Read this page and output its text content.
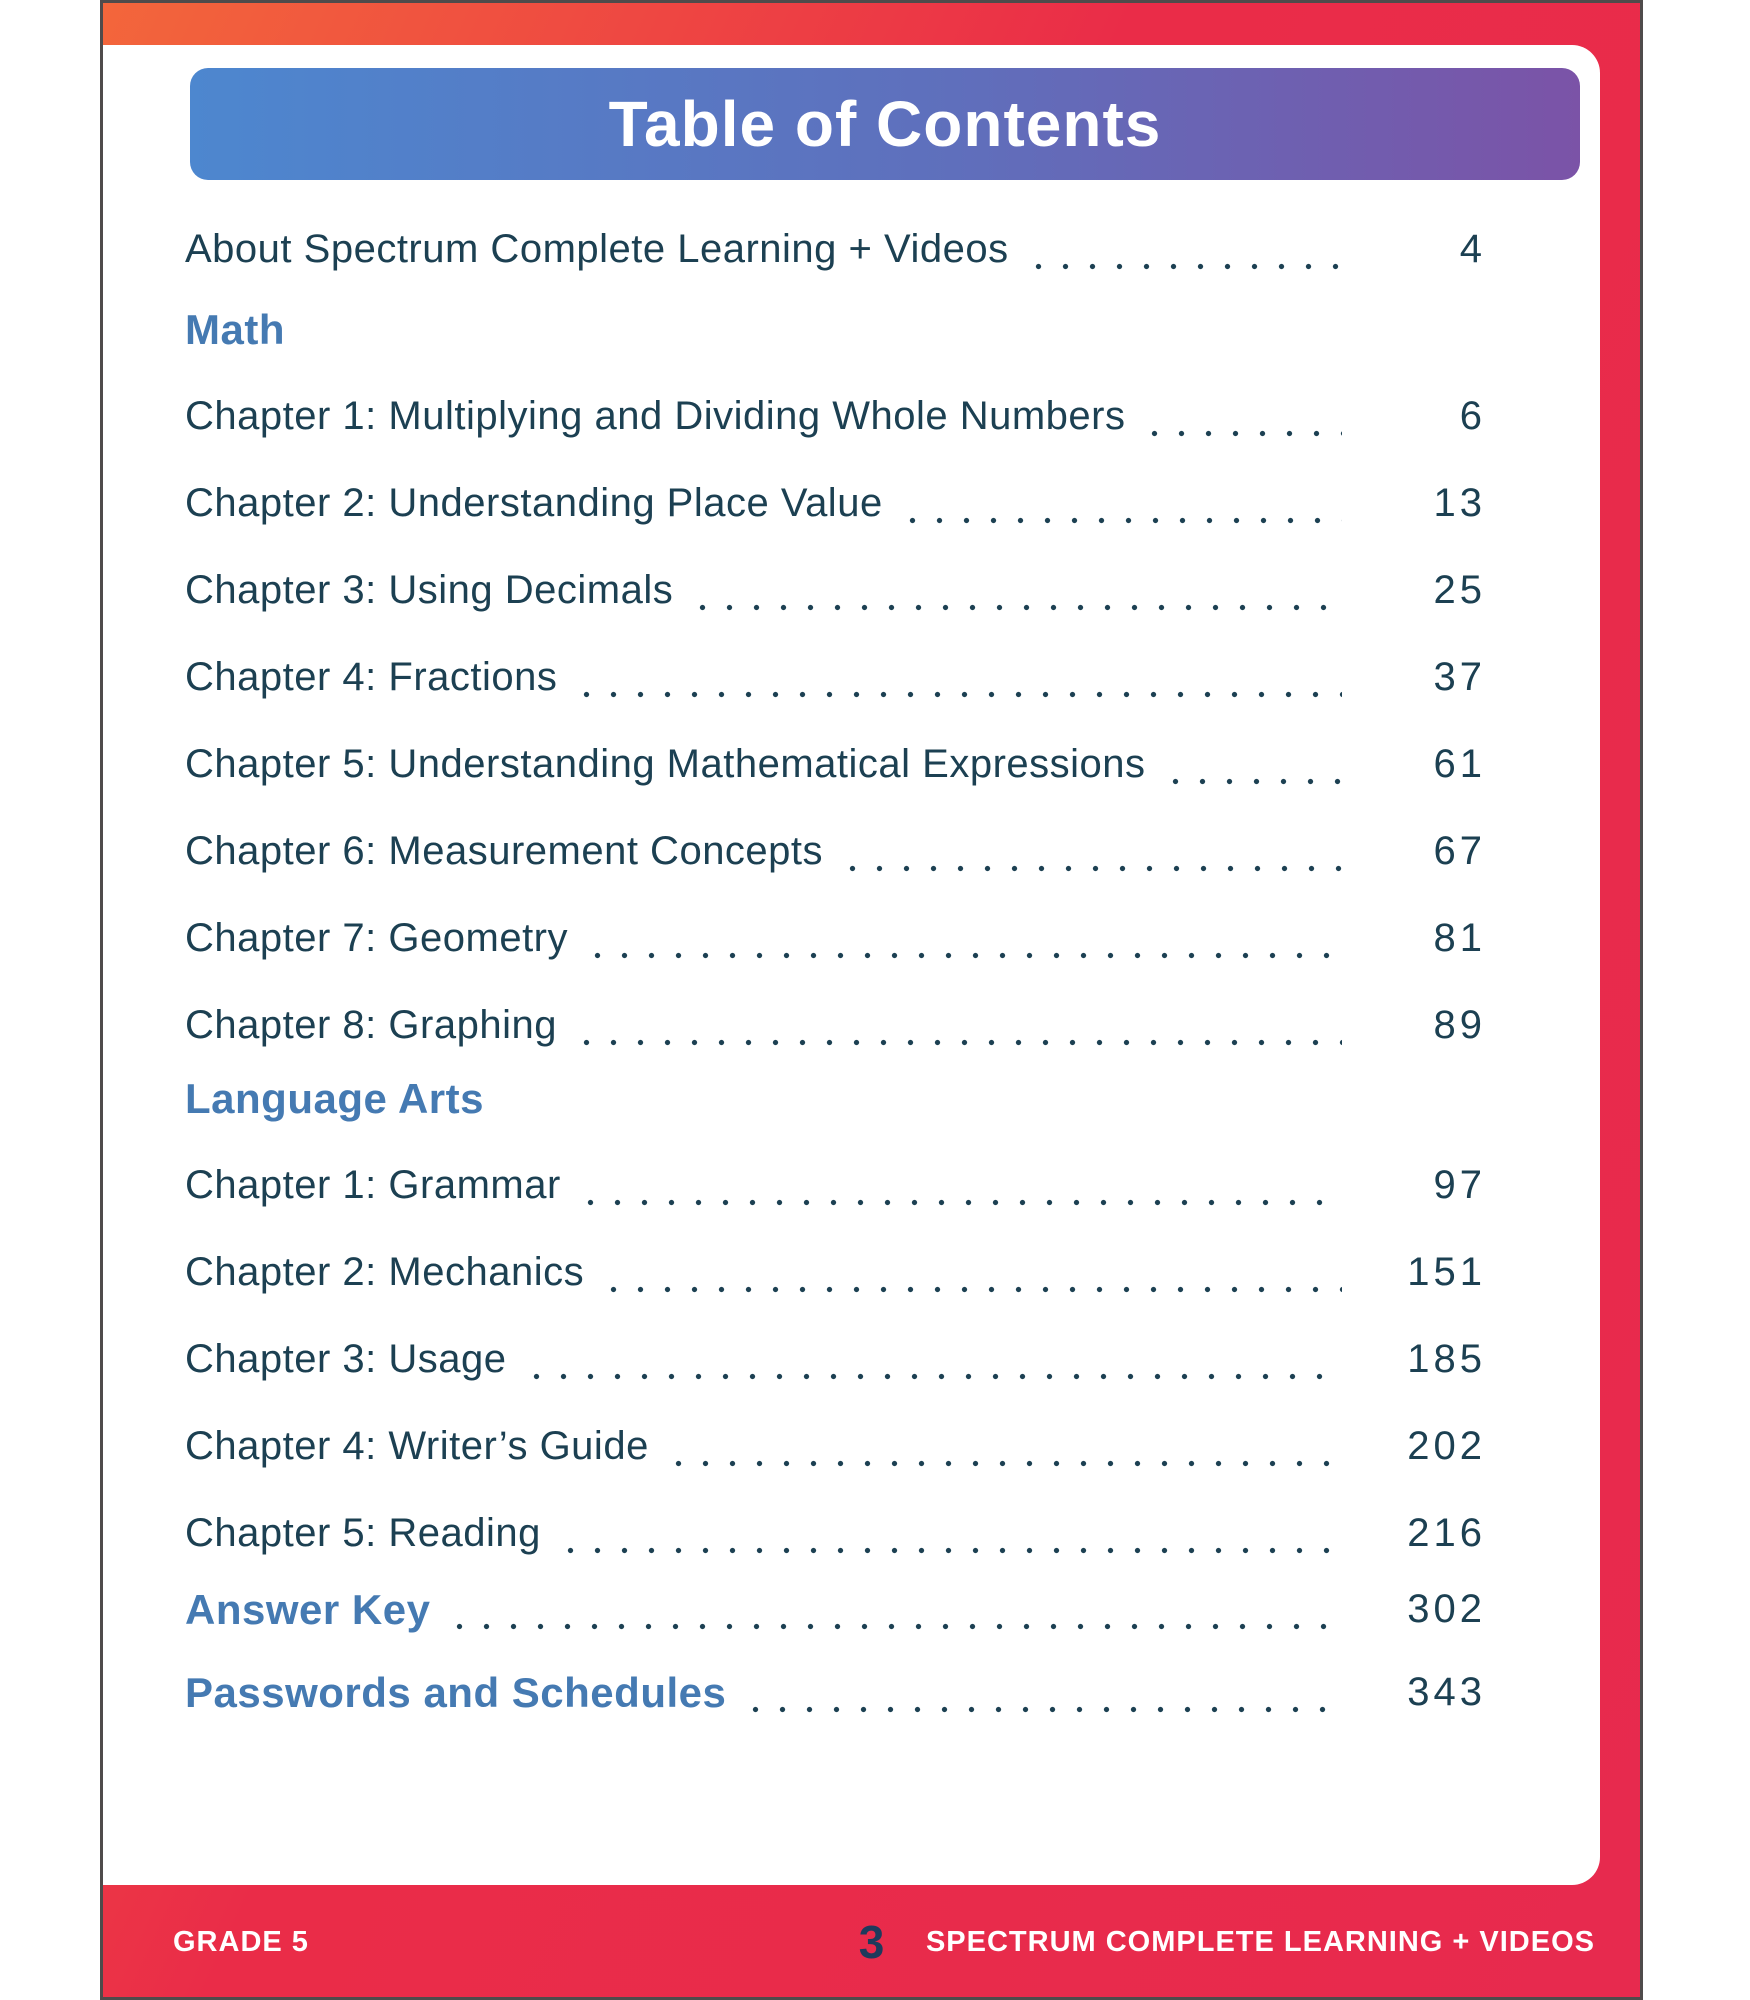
Table of Contents
About Spectrum Complete Learning + Videos	4
Math
Chapter 1: Multiplying and Dividing Whole Numbers	6
Chapter 2: Understanding Place Value	13
Chapter 3: Using Decimals	25
Chapter 4: Fractions	37
Chapter 5: Understanding Mathematical Expressions	61
Chapter 6: Measurement Concepts	67
Chapter 7: Geometry	81
Chapter 8: Graphing	89
Language Arts
Chapter 1: Grammar	97
Chapter 2: Mechanics	151
Chapter 3: Usage	185
Chapter 4: Writer’s Guide	202
Chapter 5: Reading	216
Answer Key	302
Passwords and Schedules	343
GRADE 5	3 SPECTRUM COMPLETE LEARNING + VIDEOS
